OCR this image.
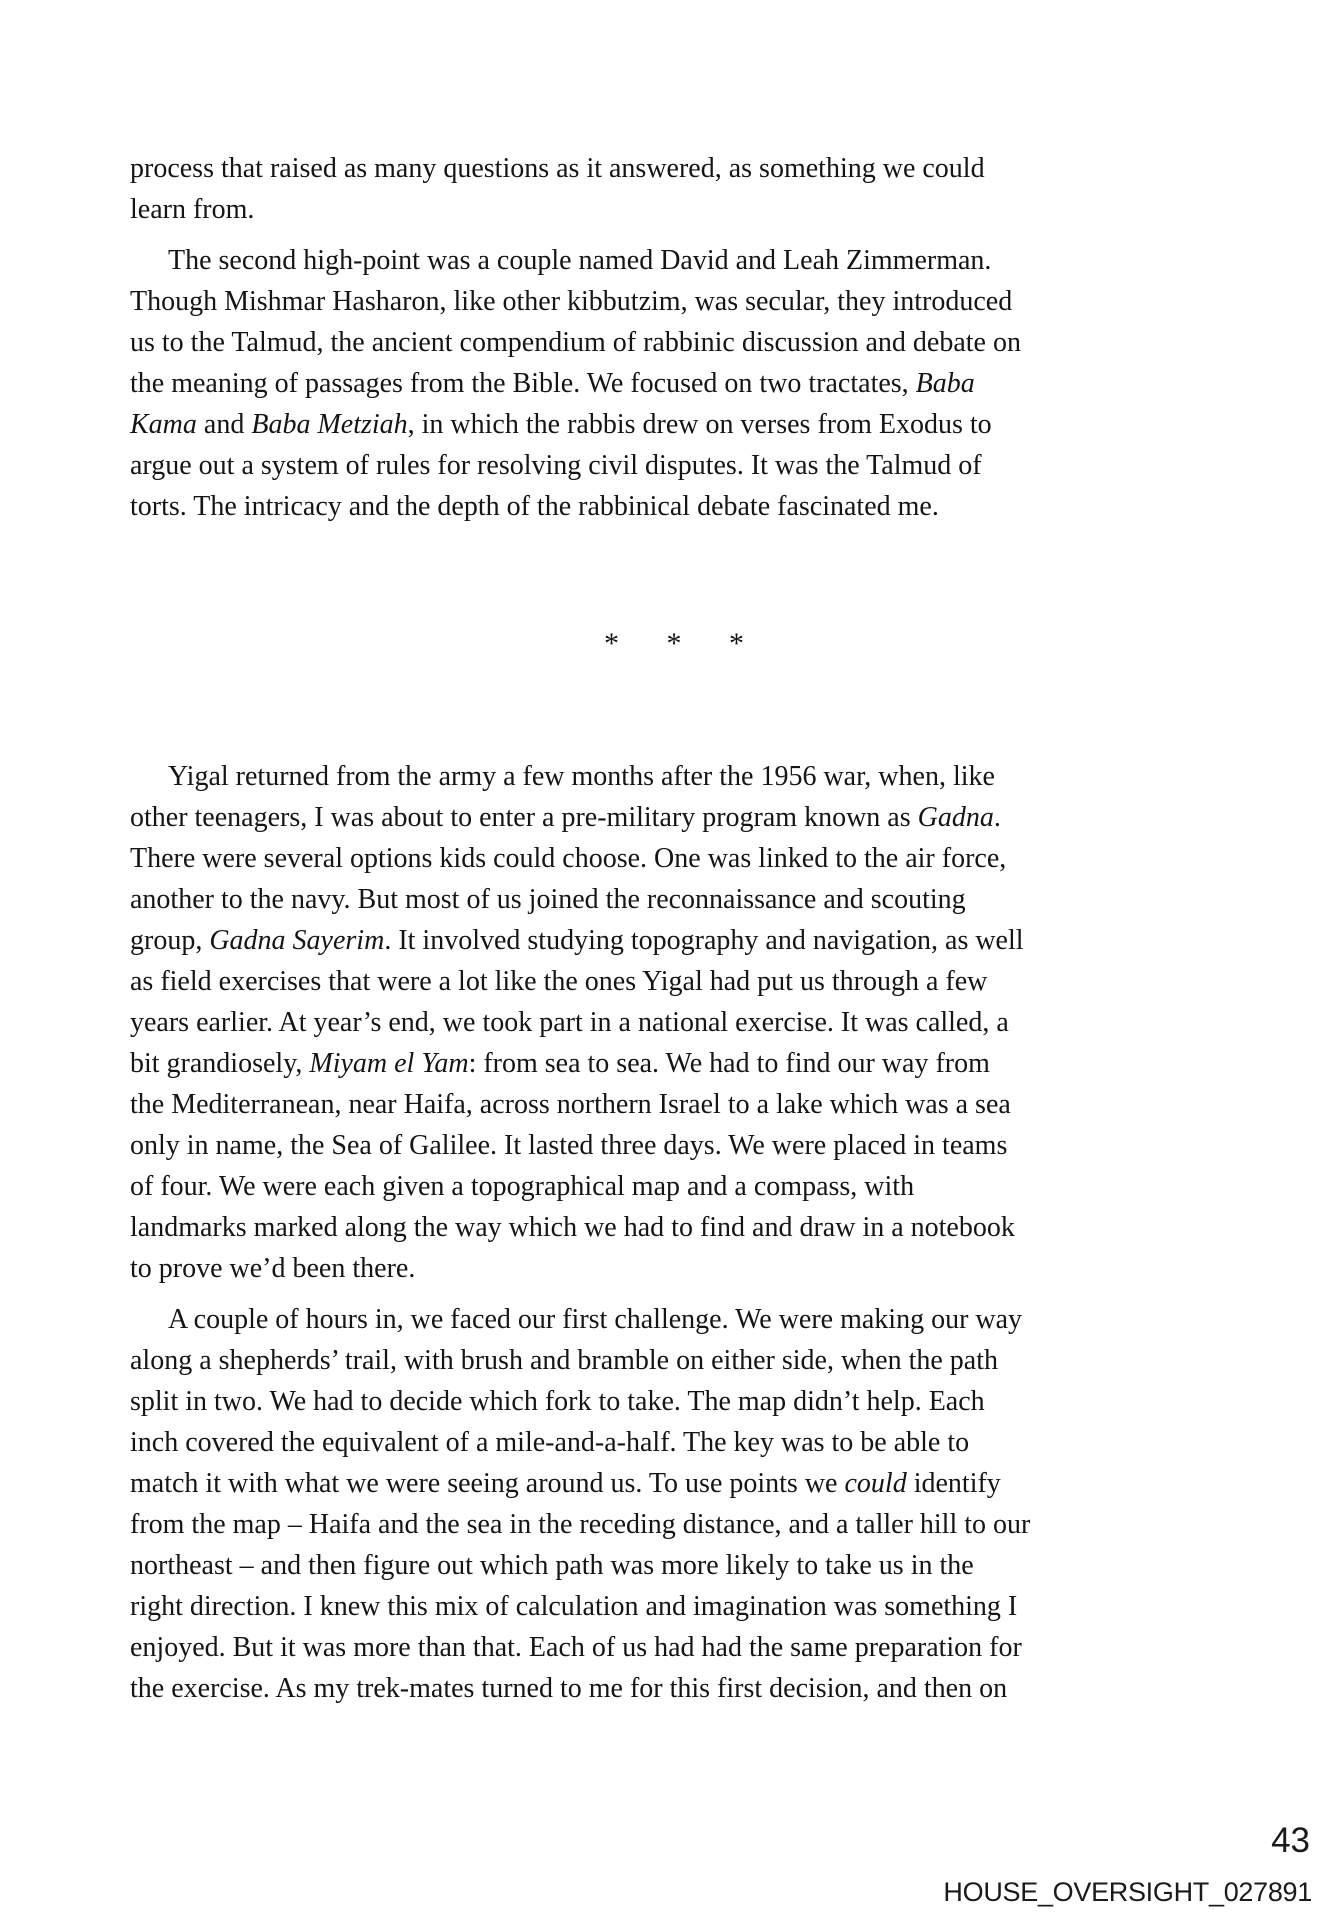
process that raised as many questions as it answered, as something we could
learn from.
The second high-point was a couple named David and Leah Zimmerman.
Though Mishmar Hasharon, like other kibbutzim, was secular, they introduced
us to the Talmud, the ancient compendium of rabbinic discussion and debate on
the meaning of passages from the Bible. We focused on two tractates, Baba
Kama and Baba Metziah, in which the rabbis drew on verses from Exodus to
argue out a system of rules for resolving civil disputes. It was the Talmud of
torts. The intricacy and the depth of the rabbinical debate fascinated me.
* * *
Yigal returned from the army a few months after the 1956 war, when, like
other teenagers, I was about to enter a pre-military program known as Gadna.
There were several options kids could choose. One was linked to the air force,
another to the navy. But most of us joined the reconnaissance and scouting
group, Gadna Sayerim. It involved studying topography and navigation, as well
as field exercises that were a lot like the ones Yigal had put us through a few
years earlier. At year’s end, we took part in a national exercise. It was called, a
bit grandiosely, Miyam el Yam: from sea to sea. We had to find our way from
the Mediterranean, near Haifa, across northern Israel to a lake which was a sea
only in name, the Sea of Galilee. It lasted three days. We were placed in teams
of four. We were each given a topographical map and a compass, with
landmarks marked along the way which we had to find and draw in a notebook
to prove we’d been there.
A couple of hours in, we faced our first challenge. We were making our way
along a shepherds’ trail, with brush and bramble on either side, when the path
split in two. We had to decide which fork to take. The map didn’t help. Each
inch covered the equivalent of a mile-and-a-half. The key was to be able to
match it with what we were seeing around us. To use points we could identify
from the map – Haifa and the sea in the receding distance, and a taller hill to our
northeast – and then figure out which path was more likely to take us in the
right direction. I knew this mix of calculation and imagination was something I
enjoyed. But it was more than that. Each of us had had the same preparation for
the exercise. As my trek-mates turned to me for this first decision, and then on
43
HOUSE_OVERSIGHT_027891
